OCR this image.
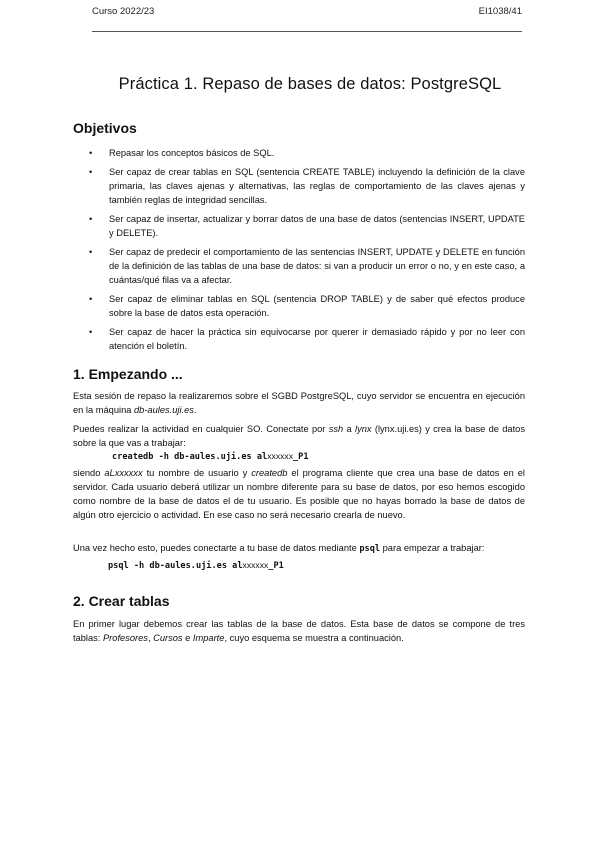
Curso 2022/23	EI1038/41
Práctica 1. Repaso de bases de datos: PostgreSQL
Objetivos
• Repasar los conceptos básicos de SQL.
• Ser capaz de crear tablas en SQL (sentencia CREATE TABLE) incluyendo la definición de la clave primaria, las claves ajenas y alternativas, las reglas de comportamiento de las claves ajenas y también reglas de integridad sencillas.
• Ser capaz de insertar, actualizar y borrar datos de una base de datos (sentencias INSERT, UPDATE y DELETE).
• Ser capaz de predecir el comportamiento de las sentencias INSERT, UPDATE y DELETE en función de la definición de las tablas de una base de datos: si van a producir un error o no, y en este caso, a cuántas/qué filas va a afectar.
• Ser capaz de eliminar tablas en SQL (sentencia DROP TABLE) y de saber qué efectos produce sobre la base de datos esta operación.
• Ser capaz de hacer la práctica sin equivocarse por querer ir demasiado rápido y por no leer con atención el boletín.
1. Empezando ...

Esta sesión de repaso la realizaremos sobre el SGBD PostgreSQL, cuyo servidor se encuentra en ejecución en la máquina db-aules.uji.es.

Puedes realizar la actividad en cualquier SO. Conectate por ssh a lynx (lynx.uji.es) y crea la base de datos sobre la que vas a trabajar:

createdb -h db-aules.uji.es alxxxxxx_P1

siendo aLxxxxxx tu nombre de usuario y createdb el programa cliente que crea una base de datos en el servidor. Cada usuario deberá utilizar un nombre diferente para su base de datos, por eso hemos escogido como nombre de la base de datos el de tu usuario. Es posible que no hayas borrado la base de datos de algún otro ejercicio o actividad. En ese caso no será necesario crearla de nuevo.

Una vez hecho esto, puedes conectarte a tu base de datos mediante psql para empezar a trabajar:

psql -h db-aules.uji.es alxxxxxx_P1
2. Crear tablas

En primer lugar debemos crear las tablas de la base de datos. Esta base de datos se compone de tres tablas: Profesores, Cursos e Imparte, cuyo esquema se muestra a continuación.
